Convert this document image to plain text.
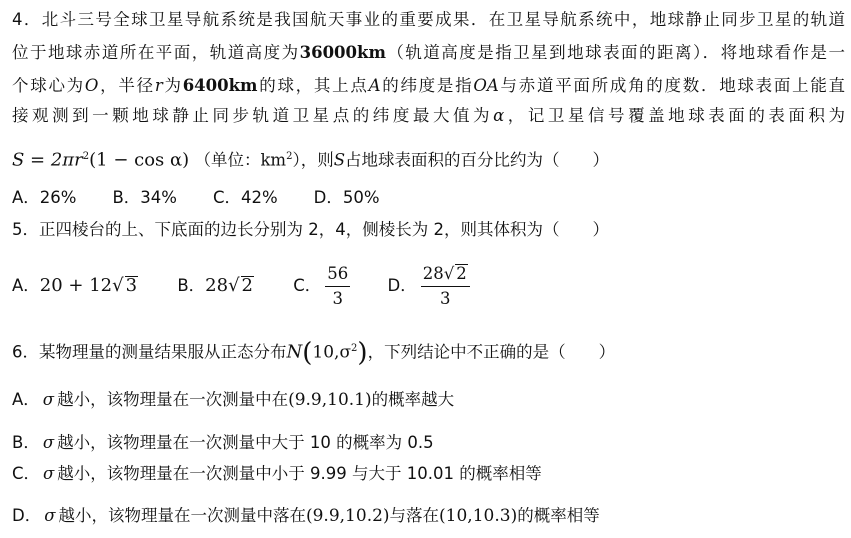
4．北斗三号全球卫星导航系统是我国航天事业的重要成果．在卫星导航系统中，地球静止同步卫星的轨道
位于地球赤道所在平面，轨道高度为36000km（轨道高度是指卫星到地球表面的距离）．将地球看作是一
个球心为O，半径r为6400km的球，其上点A的纬度是指OA与赤道平面所成角的度数．地球表面上能直
接观测到一颗地球静止同步轨道卫星点的纬度最大值为α，记卫星信号覆盖地球表面的表面积为
$S = 2\pi r^2(1 - \cos \alpha)$ （单位：$km^2$），则S占地球表面积的百分比约为（　　）
A．26% B．34% C．42% D．50%
5．正四棱台的上、下底面的边长分别为 2，4，侧棱长为 2，则其体积为（　　）
A．20 + 12√ 3 B．28√ 2 C． $\frac{56}{3}$ D． $\frac{28√ 2}{3}$
6．某物理量的测量结果服从正态分布$N(10,\sigma^2)$，下列结论中不正确的是（　　）
A． σ 越小，该物理量在一次测量中在(9.9,10.1)的概率越大
B． σ 越小，该物理量在一次测量中大于 10 的概率为 0.5
C． σ 越小，该物理量在一次测量中小于 9.99 与大于 10.01 的概率相等
D． σ 越小，该物理量在一次测量中落在(9.9,10.2)与落在(10,10.3)的概率相等
